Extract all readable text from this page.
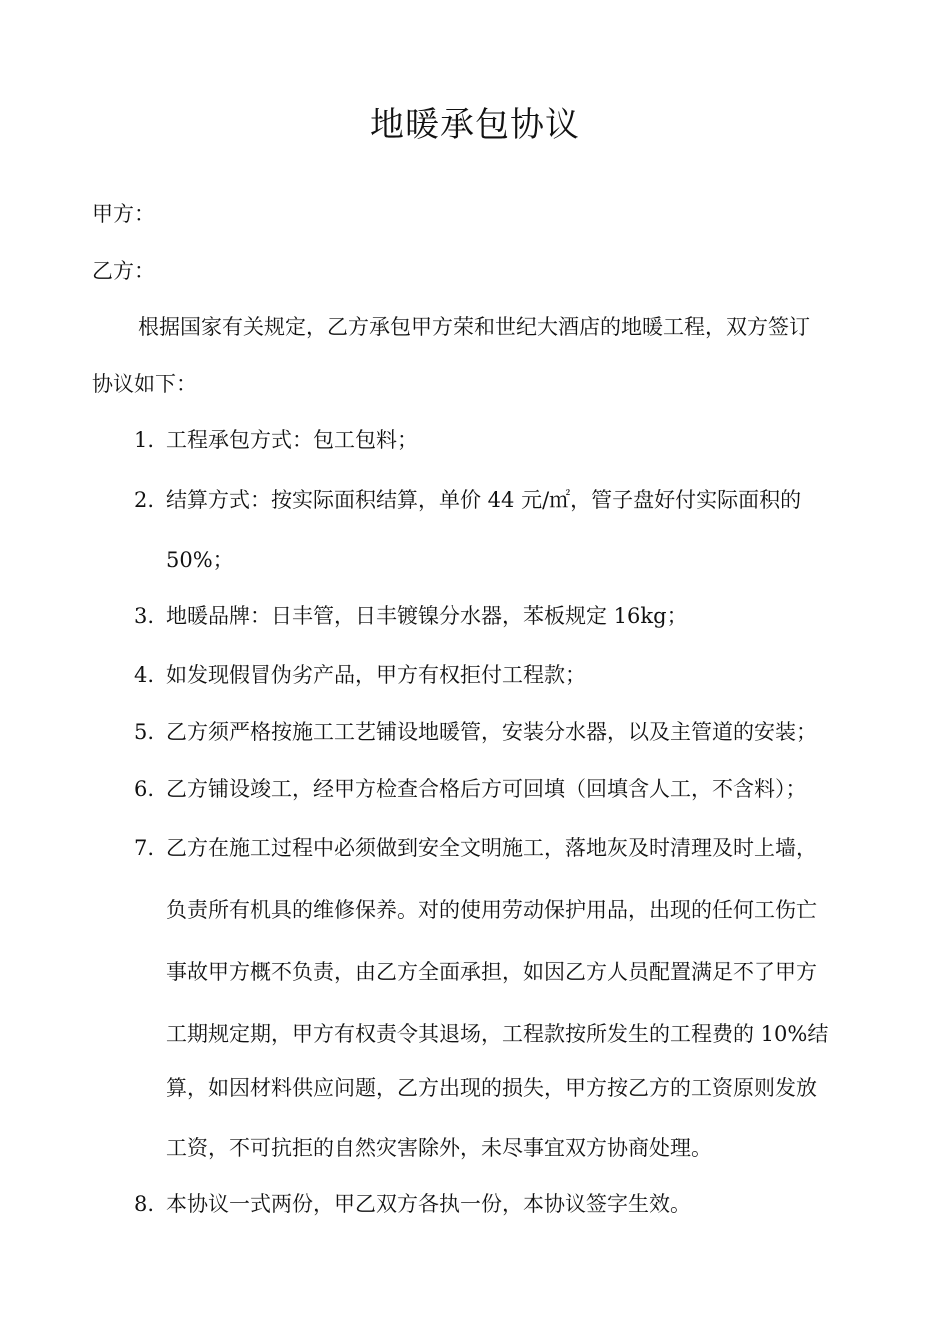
地暖承包协议
甲方：
乙方：
根据国家有关规定，乙方承包甲方荣和世纪大酒店的地暖工程，双方签订
协议如下：
1. 工程承包方式：包工包料；
2. 结算方式：按实际面积结算，单价 44 元/㎡，管子盘好付实际面积的
50%；
3. 地暖品牌：日丰管，日丰镀镍分水器，苯板规定 16kg；
4. 如发现假冒伪劣产品，甲方有权拒付工程款；
5. 乙方须严格按施工工艺铺设地暖管，安装分水器，以及主管道的安装；
6. 乙方铺设竣工，经甲方检查合格后方可回填（回填含人工，不含料）；
7. 乙方在施工过程中必须做到安全文明施工，落地灰及时清理及时上墙，
负责所有机具的维修保养。对的使用劳动保护用品，出现的任何工伤亡
事故甲方概不负责，由乙方全面承担，如因乙方人员配置满足不了甲方
工期规定期，甲方有权责令其退场，工程款按所发生的工程费的 10%结
算，如因材料供应问题，乙方出现的损失，甲方按乙方的工资原则发放
工资，不可抗拒的自然灾害除外，未尽事宜双方协商处理。
8. 本协议一式两份，甲乙双方各执一份，本协议签字生效。
